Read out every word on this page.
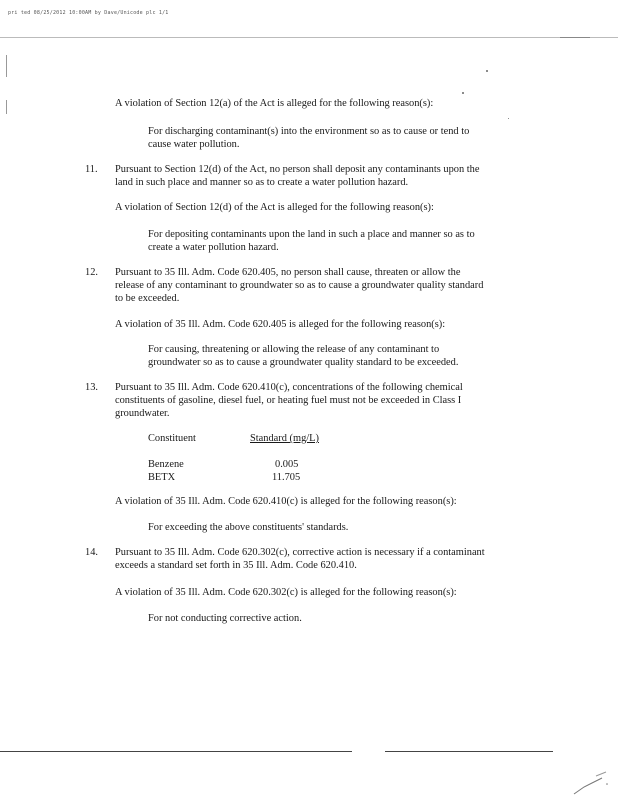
pri ted 08/25/2012 10:00AM by Dave/Unicode plc 1/1
A violation of Section 12(a) of the Act is alleged for the following reason(s):
For discharging contaminant(s) into the environment so as to cause or tend to
cause water pollution.
11. Pursuant to Section 12(d) of the Act, no person shall deposit any contaminants upon the
land in such place and manner so as to create a water pollution hazard.
A violation of Section 12(d) of the Act is alleged for the following reason(s):
For depositing contaminants upon the land in such a place and manner so as to
create a water pollution hazard.
12. Pursuant to 35 Ill. Adm. Code 620.405, no person shall cause, threaten or allow the
release of any contaminant to groundwater so as to cause a groundwater quality standard
to be exceeded.
A violation of 35 Ill. Adm. Code 620.405 is alleged for the following reason(s):
For causing, threatening or allowing the release of any contaminant to
groundwater so as to cause a groundwater quality standard to be exceeded.
13. Pursuant to 35 Ill. Adm. Code 620.410(c), concentrations of the following chemical
constituents of gasoline, diesel fuel, or heating fuel must not be exceeded in Class I
groundwater.
Constituent	Standard (mg/L)
Benzene	0.005
BETX	11.705
A violation of 35 Ill. Adm. Code 620.410(c) is alleged for the following reason(s):
For exceeding the above constituents' standards.
14. Pursuant to 35 Ill. Adm. Code 620.302(c), corrective action is necessary if a contaminant
exceeds a standard set forth in 35 Ill. Adm. Code 620.410.
A violation of 35 Ill. Adm. Code 620.302(c) is alleged for the following reason(s):
For not conducting corrective action.
